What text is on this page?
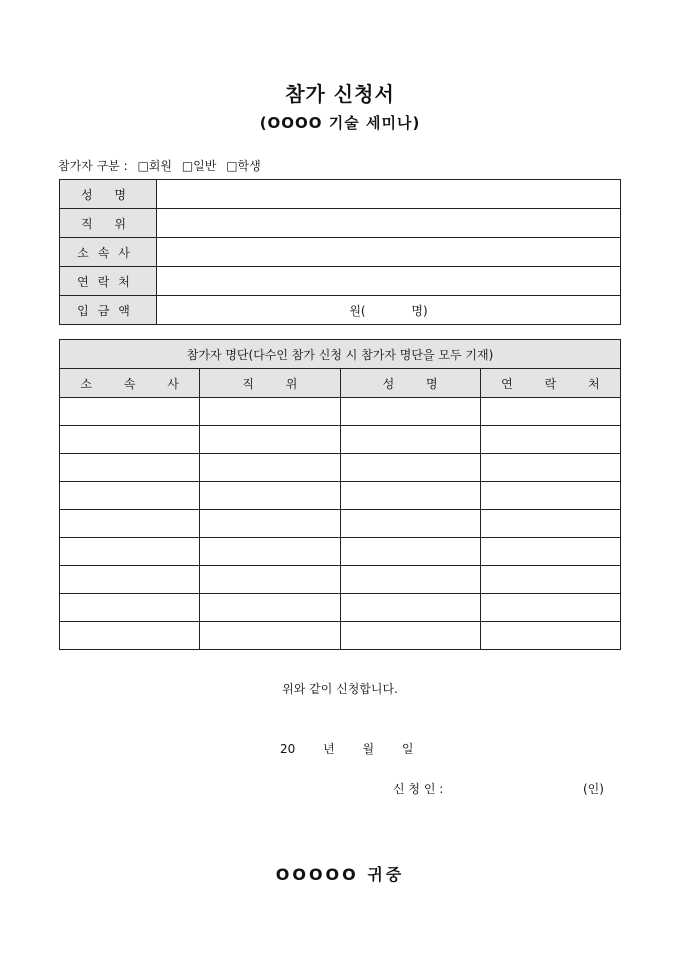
참가 신청서
(OOOO 기술 세미나)
참가자 구분 : □회원 □일반 □학생
성 명	
직 위	
소속사	
연락처	
입금액	원(            명)
참가자 명단(다수인 참가 신청 시 참가자 명단을 모두 기재)			
소 속 사	직 위	성 명	연 락 처

위와 같이 신청합니다.
20 년 월 일
신 청 인 :	(인)
OOOOO 귀중
